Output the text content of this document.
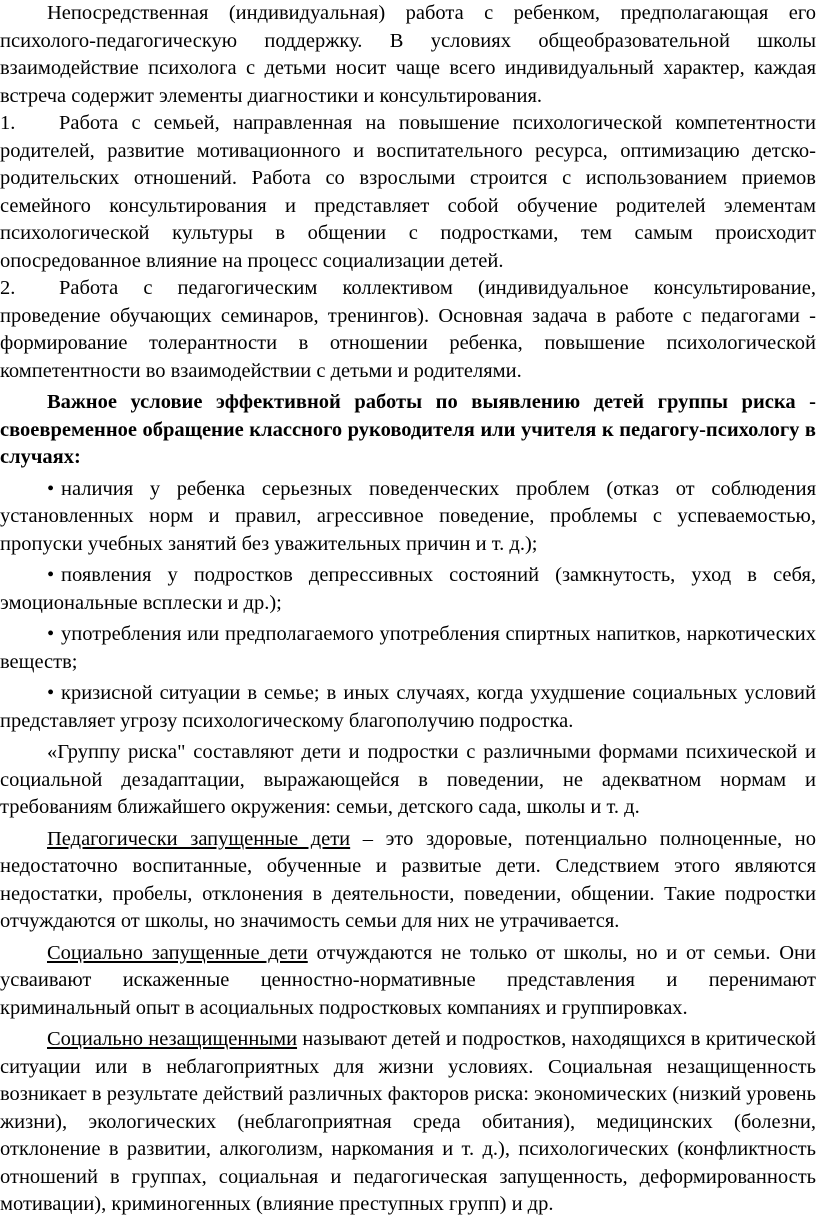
Непосредственная (индивидуальная) работа с ребенком, предполагающая его психолого-педагогическую поддержку. В условиях общеобразовательной школы взаимодействие психолога с детьми носит чаще всего индивидуальный характер, каждая встреча содержит элементы диагностики и консультирования.

1. Работа с семьей, направленная на повышение психологической компетентности родителей, развитие мотивационного и воспитательного ресурса, оптимизацию детско-родительских отношений. Работа со взрослыми строится с использованием приемов семейного консультирования и представляет собой обучение родителей элементам психологической культуры в общении с подростками, тем самым происходит опосредованное влияние на процесс социализации детей.

2. Работа с педагогическим коллективом (индивидуальное консультирование, проведение обучающих семинаров, тренингов). Основная задача в работе с педагогами - формирование толерантности в отношении ребенка, повышение психологической компетентности во взаимодействии с детьми и родителями.

Важное условие эффективной работы по выявлению детей группы риска - своевременное обращение классного руководителя или учителя к педагогу-психологу в случаях:

• наличия у ребенка серьезных поведенческих проблем (отказ от соблюдения установленных норм и правил, агрессивное поведение, проблемы с успеваемостью, пропуски учебных занятий без уважительных причин и т. д.);

• появления у подростков депрессивных состояний (замкнутость, уход в себя, эмоциональные всплески и др.);

• употребления или предполагаемого употребления спиртных напитков, наркотических веществ;

• кризисной ситуации в семье; в иных случаях, когда ухудшение социальных условий представляет угрозу психологическому благополучию подростка.

«Группу риска" составляют дети и подростки с различными формами психической и социальной дезадаптации, выражающейся в поведении, не адекватном нормам и требованиям ближайшего окружения: семьи, детского сада, школы и т. д.

Педагогически запущенные дети – это здоровые, потенциально полноценные, но недостаточно воспитанные, обученные и развитые дети. Следствием этого являются недостатки, пробелы, отклонения в деятельности, поведении, общении. Такие подростки отчуждаются от школы, но значимость семьи для них не утрачивается.

Социально запущенные дети отчуждаются не только от школы, но и от семьи. Они усваивают искаженные ценностно-нормативные представления и перенимают криминальный опыт в асоциальных подростковых компаниях и группировках.

Социально незащищенными называют детей и подростков, находящихся в критической ситуации или в неблагоприятных для жизни условиях. Социальная незащищенность возникает в результате действий различных факторов риска: экономических (низкий уровень жизни), экологических (неблагоприятная среда обитания), медицинских (болезни, отклонение в развитии, алкоголизм, наркомания и т. д.), психологических (конфликтность отношений в группах, социальная и педагогическая запущенность, деформированность мотивации), криминогенных (влияние преступных групп) и др.
